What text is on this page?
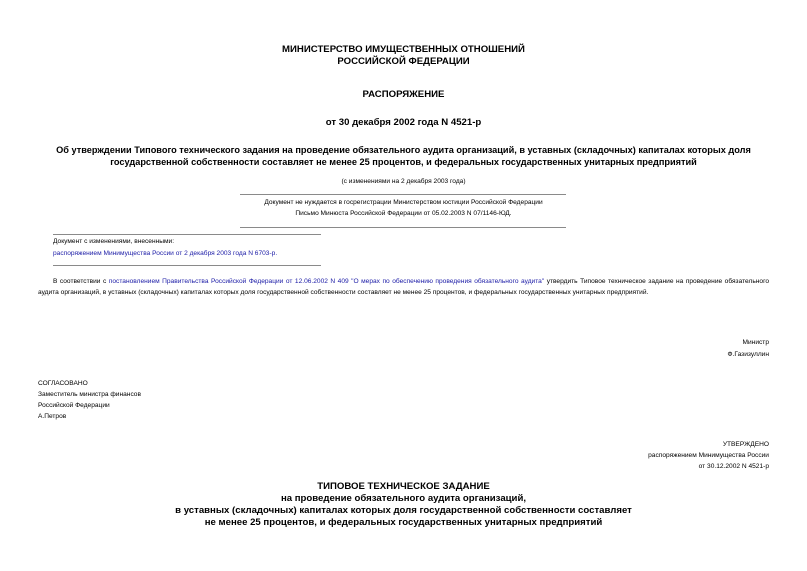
МИНИСТЕРСТВО ИМУЩЕСТВЕННЫХ ОТНОШЕНИЙ
РОССИЙСКОЙ ФЕДЕРАЦИИ
РАСПОРЯЖЕНИЕ
от 30 декабря 2002 года N 4521-р
Об утверждении Типового технического задания на проведение обязательного аудита организаций, в уставных (складочных) капиталах которых доля
государственной собственности составляет не менее 25 процентов, и федеральных государственных унитарных предприятий
(с изменениями на 2 декабря 2003 года)
Документ не нуждается в госрегистрации Министерством юстиции Российской Федерации
Письмо Минюста Российской Федерации от 05.02.2003 N 07/1146-ЮД.
Документ с изменениями, внесенными:
распоряжением Минимущества России от 2 декабря 2003 года N 6703-р.
В соответствии с постановлением Правительства Российской Федерации от 12.06.2002 N 409 "О мерах по обеспечению проведения обязательного аудита" утвердить Типовое техническое задание на проведение обязательного аудита организаций, в уставных (складочных) капиталах которых доля государственной собственности составляет не менее 25 процентов, и федеральных государственных унитарных предприятий.
Министр
Ф.Газизуллин
СОГЛАСОВАНО
Заместитель министра финансов
Российской Федерации
А.Петров
УТВЕРЖДЕНО
распоряжением Минимущества России
от 30.12.2002 N 4521-р
ТИПОВОЕ ТЕХНИЧЕСКОЕ ЗАДАНИЕ
на проведение обязательного аудита организаций,
в уставных (складочных) капиталах которых доля государственной собственности составляет
не менее 25 процентов, и федеральных государственных унитарных предприятий
